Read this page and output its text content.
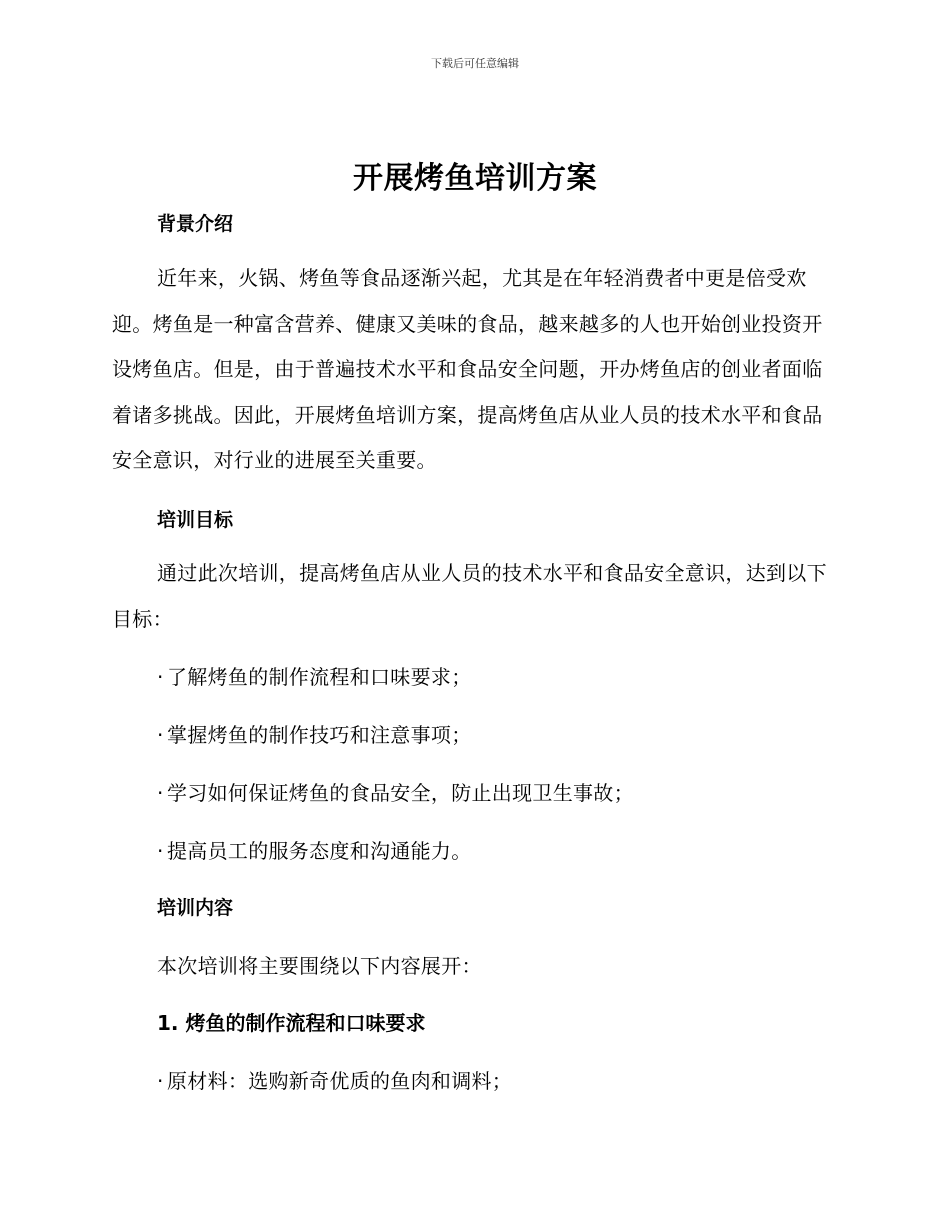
下载后可任意编辑
开展烤鱼培训方案
背景介绍
近年来，火锅、烤鱼等食品逐渐兴起，尤其是在年轻消费者中更是倍受欢迎。烤鱼是一种富含营养、健康又美味的食品，越来越多的人也开始创业投资开设烤鱼店。但是，由于普遍技术水平和食品安全问题，开办烤鱼店的创业者面临着诸多挑战。因此，开展烤鱼培训方案，提高烤鱼店从业人员的技术水平和食品安全意识，对行业的进展至关重要。
培训目标
通过此次培训，提高烤鱼店从业人员的技术水平和食品安全意识，达到以下目标：
· 了解烤鱼的制作流程和口味要求；
· 掌握烤鱼的制作技巧和注意事项；
· 学习如何保证烤鱼的食品安全，防止出现卫生事故；
· 提高员工的服务态度和沟通能力。
培训内容
本次培训将主要围绕以下内容展开：
1. 烤鱼的制作流程和口味要求
· 原材料：选购新奇优质的鱼肉和调料；
